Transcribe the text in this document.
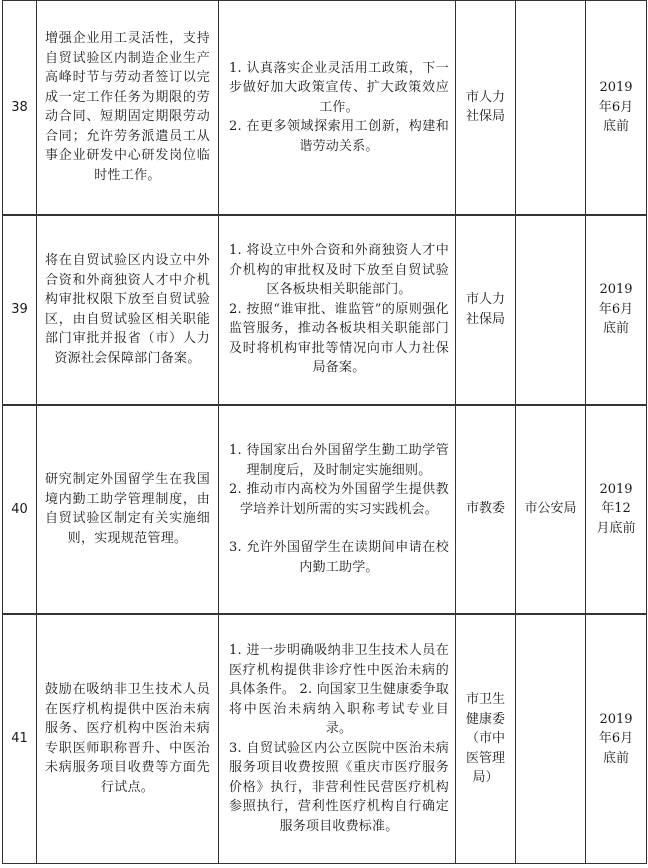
38	增强企业用工灵活性，支持自贸试验区内制造企业生产高峰时节与劳动者签订以完成一定工作任务为期限的劳动合同、短期固定期限劳动合同；允许劳务派遣员工从事企业研发中心研发岗位临时性工作。	1. 认真落实企业灵活用工政策，下一步做好加大政策宣传、扩大政策效应工作。
2. 在更多领域探索用工创新，构建和谐劳动关系。	市人力社保局		2019年6月底前

39	将在自贸试验区内设立中外合资和外商独资人才中介机构审批权限下放至自贸试验区，由自贸试验区相关职能部门审批并报省（市）人力资源社会保障部门备案。	1. 将设立中外合资和外商独资人才中介机构的审批权及时下放至自贸试验区各板块相关职能部门。
2. 按照“谁审批、谁监管”的原则强化监管服务，推动各板块相关职能部门及时将机构审批等情况向市人力社保局备案。	市人力社保局		2019年6月底前

40	研究制定外国留学生在我国境内勤工助学管理制度，由自贸试验区制定有关实施细则，实现规范管理。	1. 待国家出台外国留学生勤工助学管理制度后，及时制定实施细则。
2. 推动市内高校为外国留学生提供教学培养计划所需的实习实践机会。
3. 允许外国留学生在读期间申请在校内勤工助学。	市教委	市公安局	2019年12月底前

41	鼓励在吸纳非卫生技术人员在医疗机构提供中医治未病服务、医疗机构中医治未病专职医师职称晋升、中医治未病服务项目收费等方面先行试点。	1. 进一步明确吸纳非卫生技术人员在医疗机构提供非诊疗性中医治未病的具体条件。 2. 向国家卫生健康委争取将中医治未病纳入职称考试专业目录。
3. 自贸试验区内公立医院中医治未病服务项目收费按照《重庆市医疗服务价格》执行，非营利性民营医疗机构参照执行，营利性医疗机构自行确定服务项目收费标准。	市卫生健康委（市中医管理局）		2019年6月底前
